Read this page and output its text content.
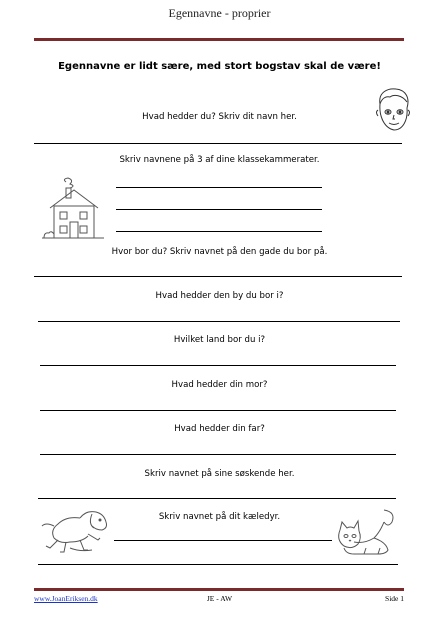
Egennavne - proprier
Egennavne er lidt sære, med stort bogstav skal de være!
Hvad hedder du? Skriv dit navn her.
Skriv navnene på 3 af dine klassekammerater.
Hvor bor du? Skriv navnet på den gade du bor på.
Hvad hedder den by du bor i?
Hvilket land bor du i?
Hvad hedder din mor?
Hvad hedder din far?
Skriv navnet på sine søskende her.
Skriv navnet på dit kæledyr.
www.JoanEriksen.dk	JE - AW	Side 1
